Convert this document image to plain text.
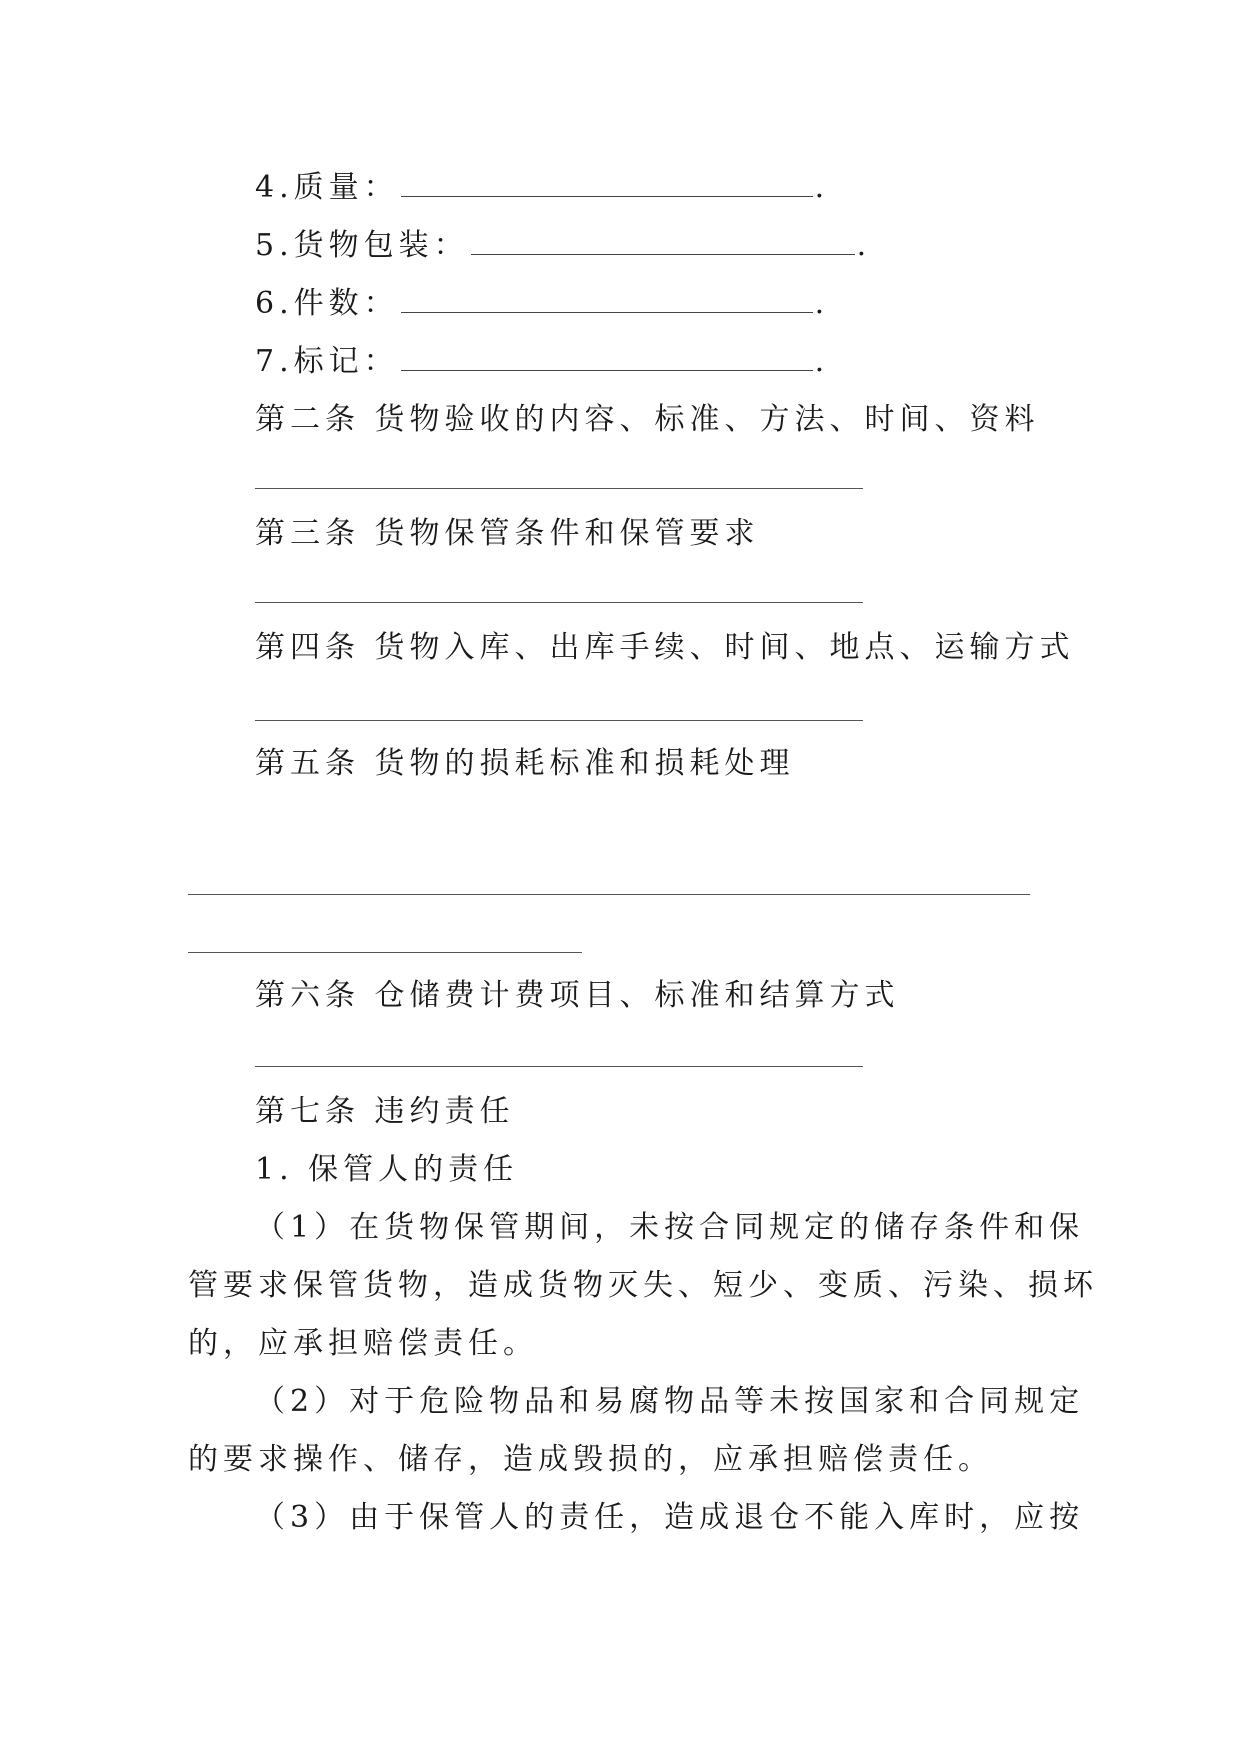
4.质量：	.
5.货物包装：	.
6.件数：	.
7.标记：	.
第二条 货物验收的内容、标准、方法、时间、资料
第三条 货物保管条件和保管要求
第四条 货物入库、出库手续、时间、地点、运输方式
第五条 货物的损耗标准和损耗处理
第六条 仓储费计费项目、标准和结算方式
第七条 违约责任
1. 保管人的责任
（1）在货物保管期间，未按合同规定的储存条件和保
管要求保管货物，造成货物灭失、短少、变质、污染、损坏
的，应承担赔偿责任。
（2）对于危险物品和易腐物品等未按国家和合同规定
的要求操作、储存，造成毁损的，应承担赔偿责任。
（3）由于保管人的责任，造成退仓不能入库时，应按
